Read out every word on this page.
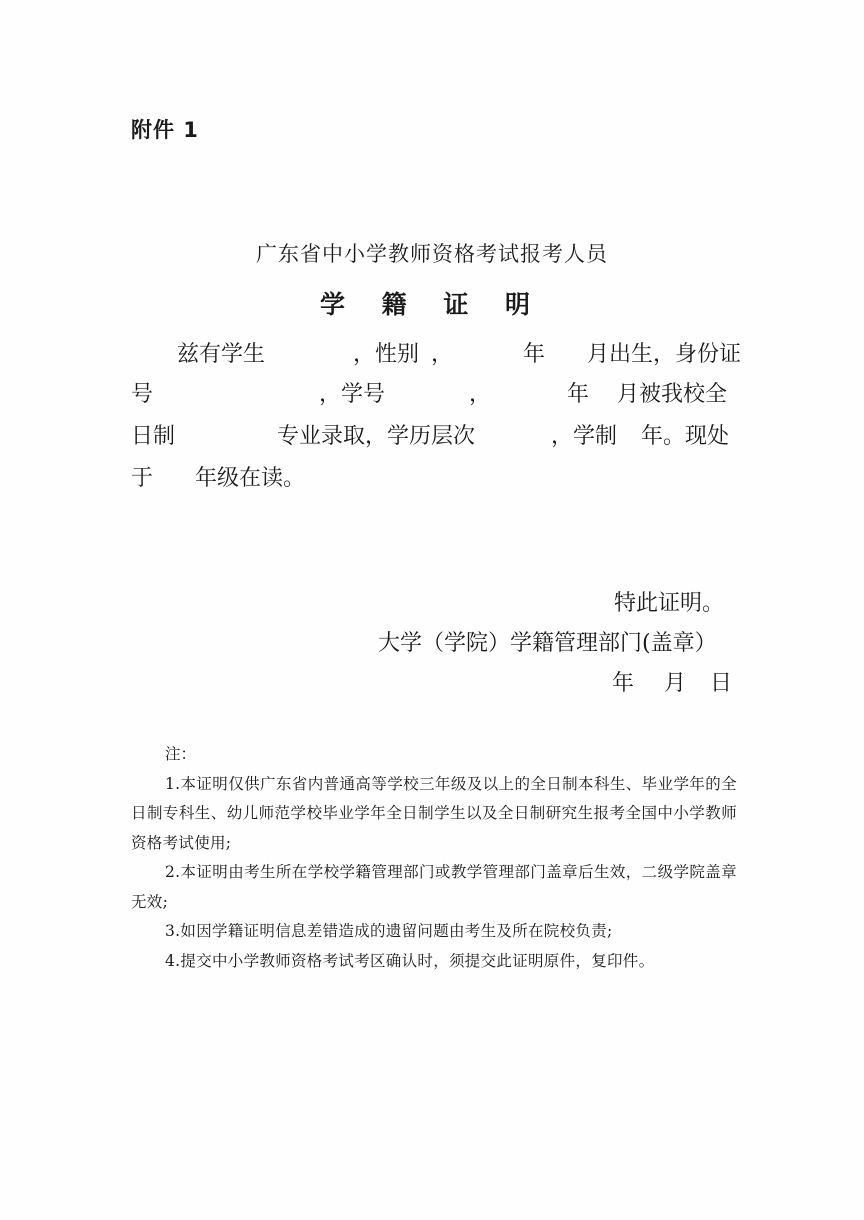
附件 1
广东省中小学教师资格考试报考人员
学 籍 证 明

兹有学生

	，性别

，

	年

月出生，身份证

号

	，学号

	，

	年

月被我校全

日制

	专业录取，学历层次

	，学制

年。现处

于

年级在读。

特此证明。
大学（学院）学籍管理部门(盖章）
年 月 日
注：
1.本证明仅供广东省内普通高等学校三年级及以上的全日制本科生、毕业学年的全日制专科生、幼儿师范学校毕业学年全日制学生以及全日制研究生报考全国中小学教师资格考试使用;
2.本证明由考生所在学校学籍管理部门或教学管理部门盖章后生效，二级学院盖章无效;
3.如因学籍证明信息差错造成的遗留问题由考生及所在院校负责;
4.提交中小学教师资格考试考区确认时，须提交此证明原件，复印件。
